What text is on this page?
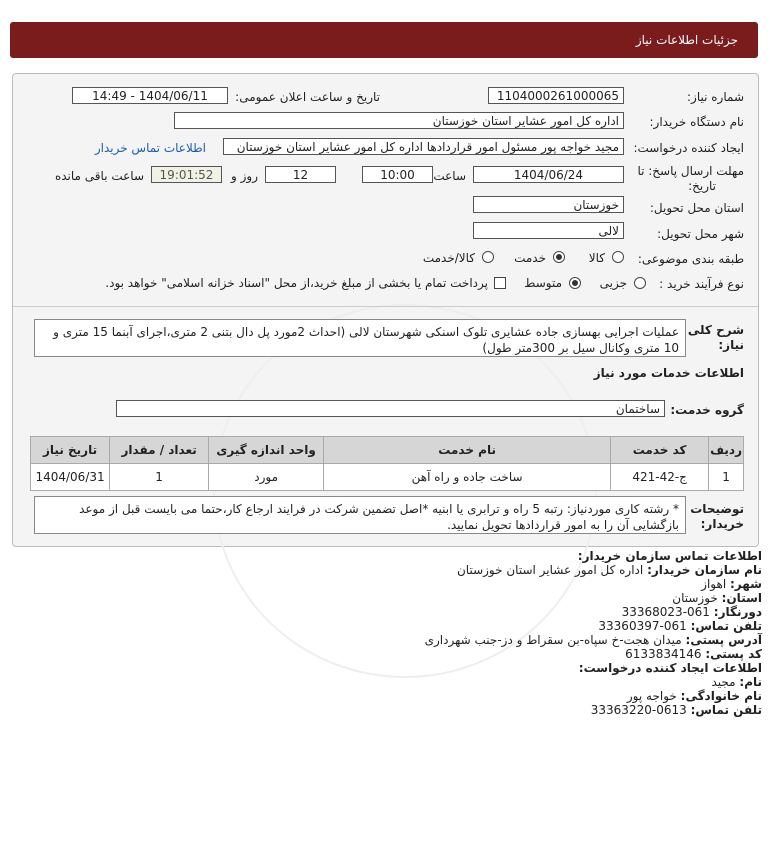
جزئیات اطلاعات نیاز
شماره نیاز:
1104000261000065
تاریخ و ساعت اعلان عمومی:
1404/06/11 - 14:49
نام دستگاه خریدار:
اداره کل امور عشایر استان خوزستان
ایجاد کننده درخواست:
مجید خواجه پور مسئول امور قراردادها اداره کل امور عشایر استان خوزستان
اطلاعات تماس خریدار
مهلت ارسال پاسخ: تا
تاریخ:
1404/06/24
ساعت
10:00
12
روز و
19:01:52
ساعت باقی مانده
استان محل تحویل:
خوزستان
شهر محل تحویل:
لالی
طبقه بندی موضوعی:
کالا
خدمت
کالا/خدمت
نوع فرآیند خرید :
جزیی
متوسط
پرداخت تمام یا بخشی از مبلغ خرید،از محل "اسناد خزانه اسلامی" خواهد بود.
شرح کلی
نیاز:
عملیات اجرایی بهسازی جاده عشایری تلوک اسنکی شهرستان لالی (احداث 2مورد پل دال بتنی 2 متری،اجرای آبنما 15 متری و 10 متری وکانال سیل بر 300متر طول)
اطلاعات خدمات مورد نیاز
گروه خدمت:
ساختمان
ردیف	کد خدمت	نام خدمت	واحد اندازه گیری	تعداد / مقدار	تاریخ نیاز
1	ج-42-421	ساخت جاده و راه آهن	مورد	1	1404/06/31
توضیحات
خریدار:
* رشته کاری موردنیاز: رتبه 5 راه و ترابری یا ابنیه *اصل تضمین شرکت در فرایند ارجاع کار،حتما می بایست قبل از موعد بازگشایی آن را به امور قراردادها تحویل نمایید.
اطلاعات تماس سازمان خریدار:
نام سازمان خریدار: اداره کل امور عشایر استان خوزستان
شهر: اهواز
استان: خوزستان
دورنگار: 061-33368023
تلفن تماس: 061-33360397
آدرس پستی: میدان هجت-خ سپاه-بن سقراط و دز-جنب شهرداری
کد پستی: 6133834146
اطلاعات ایجاد کننده درخواست:
نام: مجید
نام خانوادگی: خواجه پور
تلفن تماس: 0613-33363220
